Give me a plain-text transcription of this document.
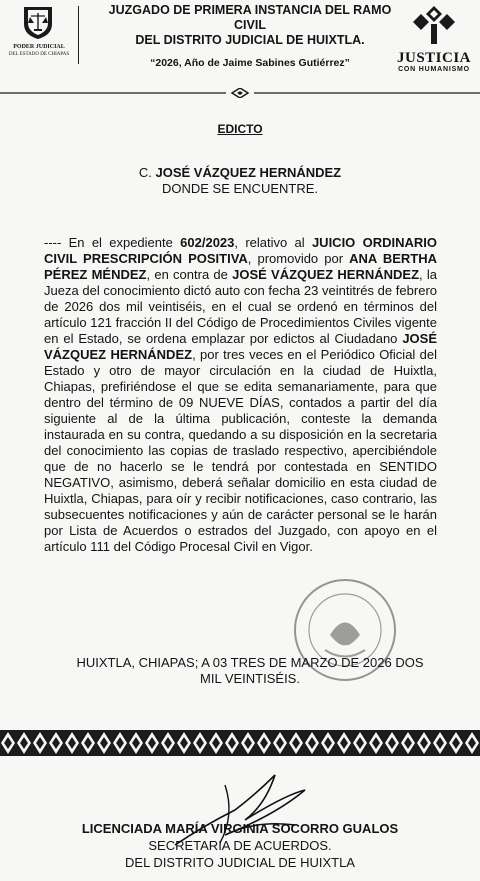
PODER JUDICIAL
DEL ESTADO DE CHIAPAS
JUZGADO DE PRIMERA INSTANCIA DEL RAMO CIVIL
DEL DISTRITO JUDICIAL DE HUIXTLA.
“2026, Año de Jaime Sabines Gutiérrez”	JUSTICIA
CON HUMANISMO
EDICTO
C. JOSÉ VÁZQUEZ HERNÁNDEZ
DONDE SE ENCUENTRE.
---- En el expediente 602/2023, relativo al JUICIO ORDINARIO CIVIL PRESCRIPCIÓN POSITIVA, promovido por ANA BERTHA PÉREZ MÉNDEZ, en contra de JOSÉ VÁZQUEZ HERNÁNDEZ, la Jueza del conocimiento dictó auto con fecha 23 veintitrés de febrero de 2026 dos mil veintiséis, en el cual se ordenó en términos del artículo 121 fracción II del Código de Procedimientos Civiles vigente en el Estado, se ordena emplazar por edictos al Ciudadano JOSÉ VÁZQUEZ HERNÁNDEZ, por tres veces en el Periódico Oficial del Estado y otro de mayor circulación en la ciudad de Huixtla, Chiapas, prefiriéndose el que se edita semanariamente, para que dentro del término de 09 NUEVE DÍAS, contados a partir del día siguiente al de la última publicación, conteste la demanda instaurada en su contra, quedando a su disposición en la secretaria del conocimiento las copias de traslado respectivo, apercibiéndole que de no hacerlo se le tendrá por contestada en SENTIDO NEGATIVO, asimismo, deberá señalar domicilio en esta ciudad de Huixtla, Chiapas, para oír y recibir notificaciones, caso contrario, las subsecuentes notificaciones y aún de carácter personal se le harán por Lista de Acuerdos o estrados del Juzgado, con apoyo en el artículo 111 del Código Procesal Civil en Vigor.
HUIXTLA, CHIAPAS; A 03 TRES DE MARZO DE 2026 DOS MIL VEINTISÉIS.
LICENCIADA MARÍA VIRGINIA SOCORRO GUALOS
SECRETARIA DE ACUERDOS.
DEL DISTRITO JUDICIAL DE HUIXTLA
